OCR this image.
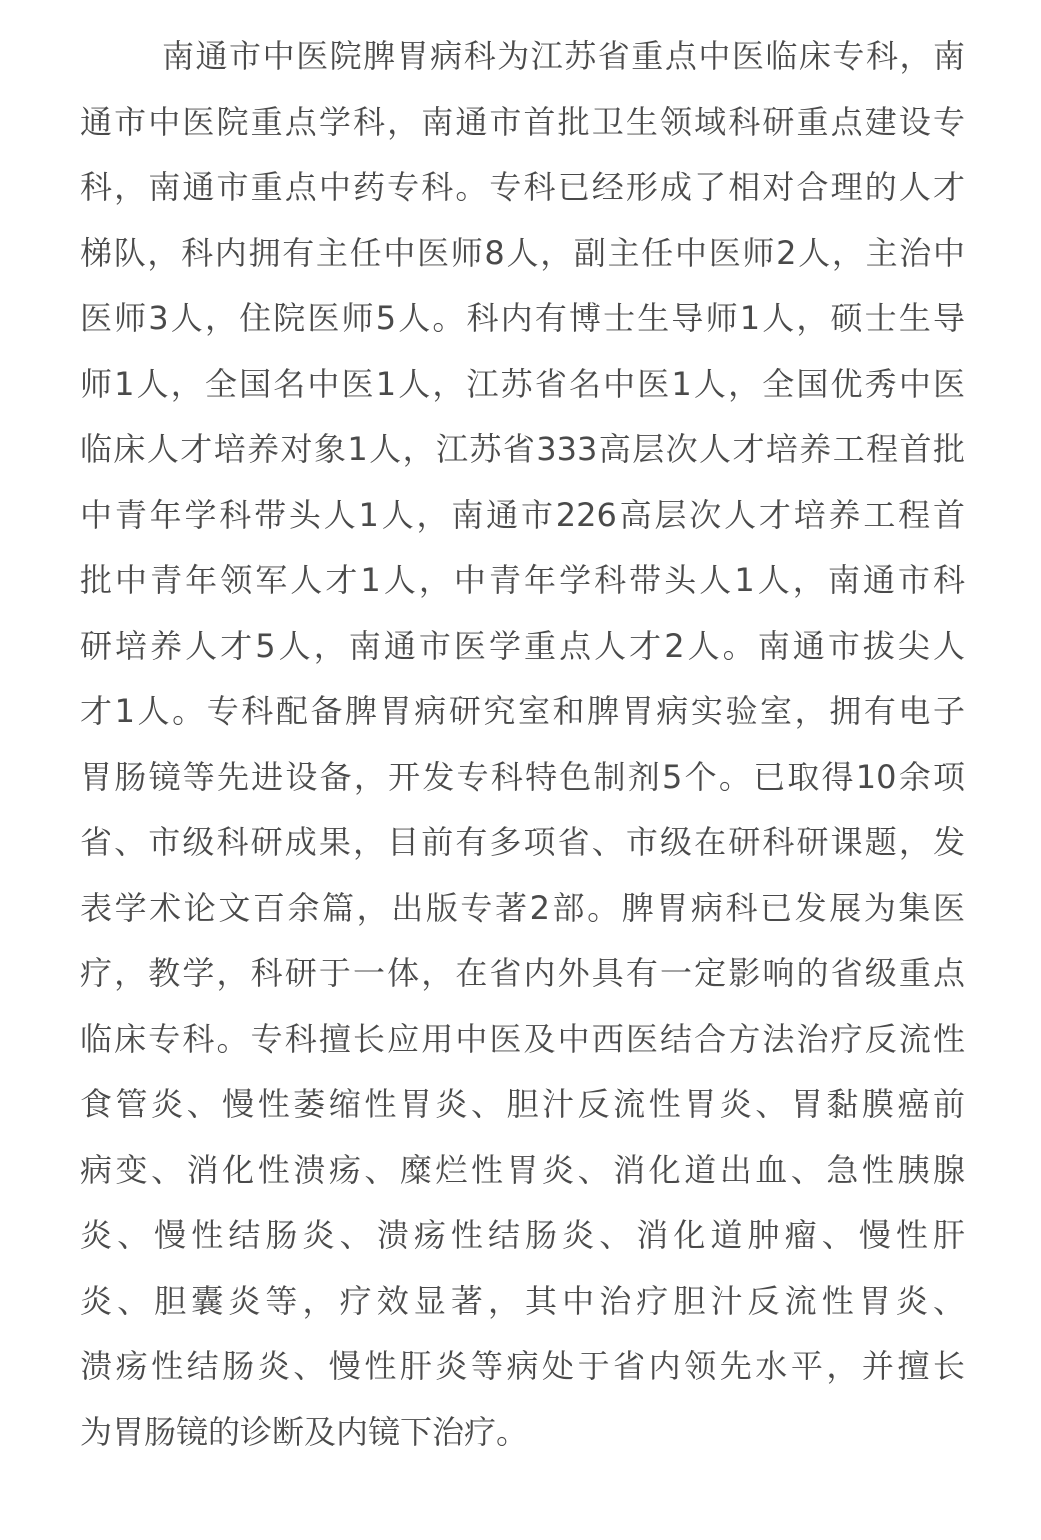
南通市中医院脾胃病科为江苏省重点中医临床专科，南
通市中医院重点学科，南通市首批卫生领域科研重点建设专
科，南通市重点中药专科。专科已经形成了相对合理的人才
梯队，科内拥有主任中医师8人，副主任中医师2人，主治中
医师3人，住院医师5人。科内有博士生导师1人，硕士生导
师1人，全国名中医1人，江苏省名中医1人，全国优秀中医
临床人才培养对象1人，江苏省333高层次人才培养工程首批
中青年学科带头人1人，南通市226高层次人才培养工程首
批中青年领军人才1人，中青年学科带头人1人，南通市科
研培养人才5人，南通市医学重点人才2人。南通市拔尖人
才1人。专科配备脾胃病研究室和脾胃病实验室，拥有电子
胃肠镜等先进设备，开发专科特色制剂5个。已取得10余项
省、市级科研成果，目前有多项省、市级在研科研课题，发
表学术论文百余篇，出版专著2部。脾胃病科已发展为集医
疗，教学，科研于一体，在省内外具有一定影响的省级重点
临床专科。专科擅长应用中医及中西医结合方法治疗反流性
食管炎、慢性萎缩性胃炎、胆汁反流性胃炎、胃黏膜癌前
病变、消化性溃疡、糜烂性胃炎、消化道出血、急性胰腺
炎、慢性结肠炎、溃疡性结肠炎、消化道肿瘤、慢性肝
炎、胆囊炎等，疗效显著，其中治疗胆汁反流性胃炎、
溃疡性结肠炎、慢性肝炎等病处于省内领先水平，并擅长
为胃肠镜的诊断及内镜下治疗。
